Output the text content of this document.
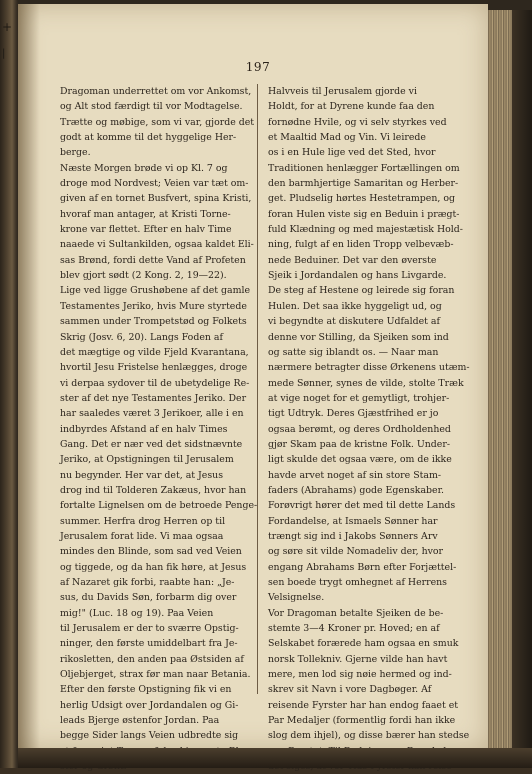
197
Dragoman underrettet om vor Ankomst,
og Alt stod færdigt til vor Modtagelse.
Trætte og møbige, som vi var, gjorde det
godt at komme til det hyggelige Her-
berge.
Næste Morgen brøde vi op Kl. 7 og
droge mod Nordvest; Veien var tæt om-
given af en tornet Busfvert, spina Kristi,
hvoraf man antager, at Kristi Torne-
krone var flettet. Efter en halv Time
naaede vi Sultankilden, ogsaa kaldet Eli-
sas Brønd, fordi dette Vand af Profeten
blev gjort sødt (2 Kong. 2, 19—22).
Lige ved ligge Grushøbene af det gamle
Testamentes Jeriko, hvis Mure styrtede
sammen under Trompetstød og Folkets
Skrig (Josv. 6, 20). Langs Foden af
det mægtige og vilde Fjeld Kvarantana,
hvortil Jesu Fristelse henlægges, droge
vi derpaa sydover til de ubetydelige Re-
ster af det nye Testamentes Jeriko. Der
har saaledes været 3 Jerikoer, alle i en
indbyrdes Afstand af en halv Times
Gang. Det er nær ved det sidstnævnte
Jeriko, at Opstigningen til Jerusalem
nu begynder. Her var det, at Jesus
drog ind til Tolderen Zakæus, hvor han
fortalte Lignelsen om de betroede Penge-
summer. Herfra drog Herren op til
Jerusalem forat lide. Vi maa ogsaa
mindes den Blinde, som sad ved Veien
og tiggede, og da han fik høre, at Jesus
af Nazaret gik forbi, raabte han: „Je-
sus, du Davids Søn, forbarm dig over
mig!" (Luc. 18 og 19). Paa Veien
til Jerusalem er der to sværre Opstig-
ninger, den første umiddelbart fra Je-
rikosletten, den anden paa Østsiden af
Oljebjerget, strax før man naar Betania.
Efter den første Opstigning fik vi en
herlig Udsigt over Jordandalen og Gi-
leads Bjerge østenfor Jordan. Paa
begge Sider langs Veien udbredte sig
Halvveis til Jerusalem gjorde vi
Holdt, for at Dyrene kunde faa den
fornødne Hvile, og vi selv styrkes ved
et Maaltid Mad og Vin. Vi leirede
os i en Hule lige ved det Sted, hvor
Traditionen henlægger Fortællingen om
den barmhjertige Samaritan og Herber-
get. Pludselig hørtes Hestetrampen, og
foran Hulen viste sig en Beduin i prægt-
fuld Klædning og med majestætisk Hold-
ning, fulgt af en liden Tropp velbevæb-
nede Beduiner. Det var den øverste
Sjeik i Jordandalen og hans Livgarde.
De steg af Hestene og leirede sig foran
Hulen. Det saa ikke hyggeligt ud, og
vi begyndte at diskutere Udfaldet af
denne vor Stilling, da Sjeiken som ind
og satte sig iblandt os. — Naar man
nærmere betragter disse Ørkenens utæm-
mede Sønner, synes de vilde, stolte Træk
at vige noget for et gemytligt, trohjer-
tigt Udtryk. Deres Gjæstfrihed er jo
ogsaa berømt, og deres Ordholdenhed
gjør Skam paa de kristne Folk. Under-
ligt skulde det ogsaa være, om de ikke
havde arvet noget af sin store Stam-
faders (Abrahams) gode Egenskaber.
Forøvrigt hører det med til dette Lands
Fordandelse, at Ismaels Sønner har
trængt sig ind i Jakobs Sønners Arv
og søre sit vilde Nomadeliv der, hvor
engang Abrahams Børn efter Forjættel-
sen boede trygt omhegnet af Herrens
Velsignelse.
Vor Dragoman betalte Sjeiken de be-
stemte 3—4 Kroner pr. Hoved; en af
Selskabet forærede ham ogsaa en smuk
norsk Tollekniv. Gjerne vilde han havt
mere, men lod sig nøie hermed og ind-
skrev sit Navn i vore Dagbøger. Af
reisende Fyrster har han endog faaet et
Par Medaljer (formentlig fordi han ikke
slog dem ihjel), og disse bærer han stedse
+
|
